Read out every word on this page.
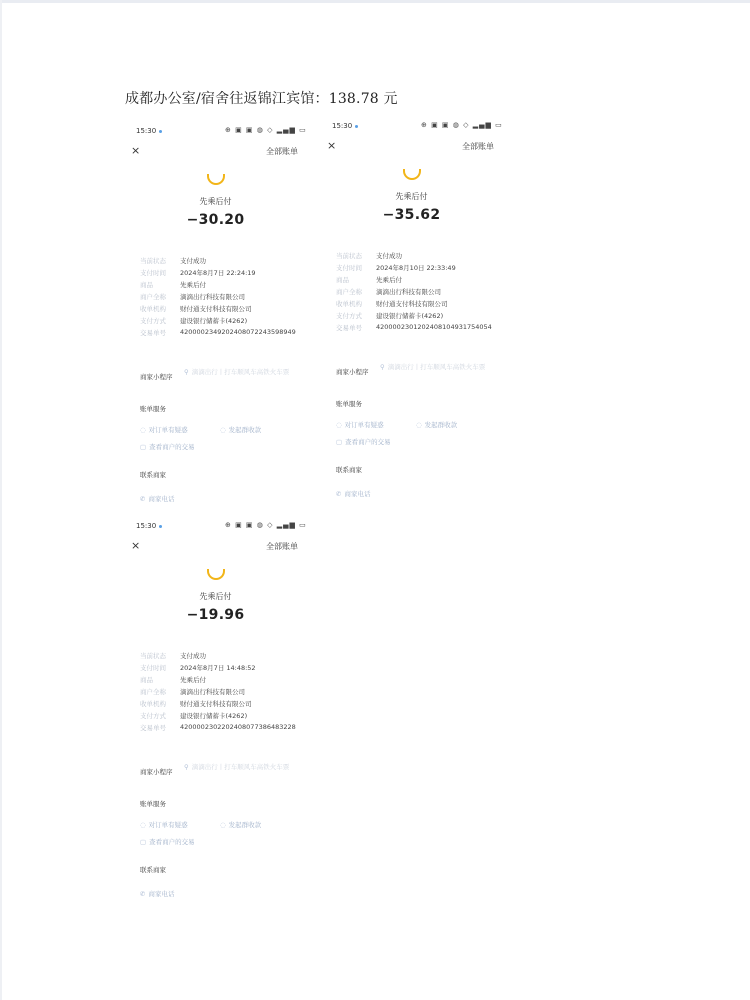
成都办公室/宿舍往返锦江宾馆：138.78 元
15:30	⊕ ▣ ▣ ◍ ◇ ▂▄▆ ▭
×	全部账单
先乘后付
−30.20
当前状态 支付成功
支付时间 2024年8月7日 22:24:19
商品	先乘后付
商户全称 滴滴出行科技有限公司
收单机构 财付通支付科技有限公司
支付方式 建设银行储蓄卡(4262)
交易单号 4200002349202408072243598949
商家小程序
⚲ 滴滴出行丨打车顺风车高铁火车票
账单服务
◌ 对订单有疑惑	◌ 发起群收款
▢ 查看商户的交易
联系商家
✆ 商家电话
15:30	⊕ ▣ ▣ ◍ ◇ ▂▄▆ ▭
×	全部账单
先乘后付
−35.62
当前状态 支付成功
支付时间 2024年8月10日 22:33:49
商品	先乘后付
商户全称 滴滴出行科技有限公司
收单机构 财付通支付科技有限公司
支付方式 建设银行储蓄卡(4262)
交易单号 4200002301202408104931754054
商家小程序
⚲ 滴滴出行丨打车顺风车高铁火车票
账单服务
◌ 对订单有疑惑	◌ 发起群收款
▢ 查看商户的交易
联系商家
✆ 商家电话
15:30	⊕ ▣ ▣ ◍ ◇ ▂▄▆ ▭
×	全部账单
先乘后付
−19.96
当前状态 支付成功
支付时间 2024年8月7日 14:48:52
商品	先乘后付
商户全称 滴滴出行科技有限公司
收单机构 财付通支付科技有限公司
支付方式 建设银行储蓄卡(4262)
交易单号 4200002302202408077386483228
商家小程序
⚲ 滴滴出行丨打车顺风车高铁火车票
账单服务
◌ 对订单有疑惑	◌ 发起群收款
▢ 查看商户的交易
联系商家
✆ 商家电话
